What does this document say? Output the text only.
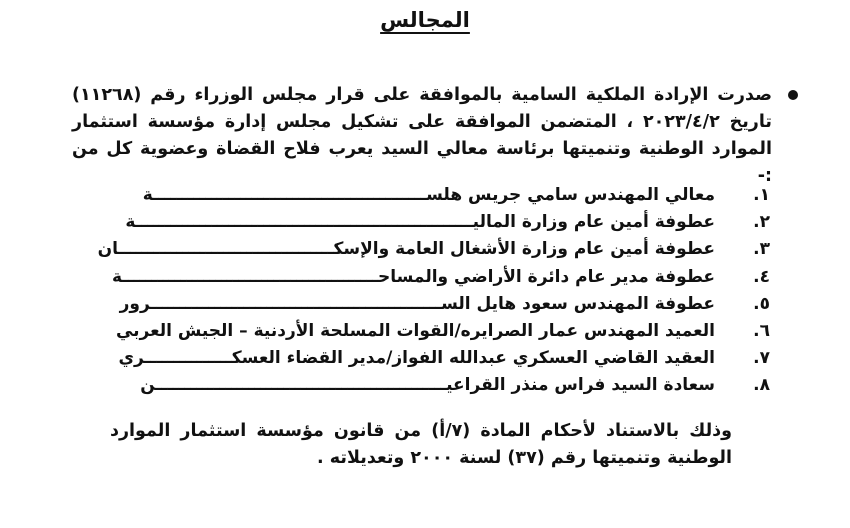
المجالس

صدرت الإرادة الملكية السامية بالموافقة على قرار مجلس الوزراء رقم (١١٢٦٨) تاريخ ٢٠٢٣/٤/٢ ، المتضمن الموافقة على تشكيل مجلس إدارة مؤسسة استثمار الموارد الوطنية وتنميتها برئاسة معالي السيد يعرب فلاح القضاة وعضوية كل من :-

١.
معالي المهندس سامي جريس هلســـــــــــــــــــــــــــــــــــــــــــــــة
٢.
عطوفة أمين عام وزارة الماليــــــــــــــــــــــــــــــــــــــــــــــــــــــــــة
٣.
عطوفة أمين عام وزارة الأشغال العامة والإسكـــــــــــــــــــــــــــــــــــــان
٤.
عطوفة مدير عام دائرة الأراضي والمساحــــــــــــــــــــــــــــــــــــــــــــة
٥.
عطوفة المهندس سعود هايل الســــــــــــــــــــــــــــــــــــــــــــــــــرور
٦.
العميد المهندس عمار الصرايره/القوات المسلحة الأردنية – الجيش العربي
٧.
العقيد القاضي العسكري عبدالله الفواز/مدير القضاء العسكـــــــــــــــري
٨.
سعادة السيد فراس منذر القراعيــــــــــــــــــــــــــــــــــــــــــــــــــن

وذلك بالاستناد لأحكام المادة (٧/أ) من قانون مؤسسة استثمار الموارد الوطنية وتنميتها رقم (٣٧) لسنة ٢٠٠٠ وتعديلاته .
